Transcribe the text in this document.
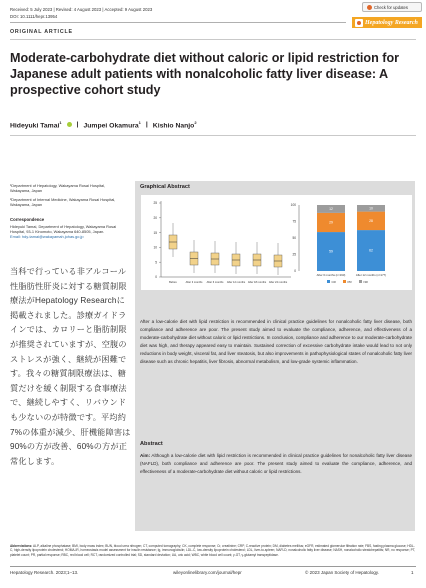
Received: 5 July 2023 | Revised: 4 August 2023 | Accepted: 9 August 2023
DOI: 10.1111/hepr.13954
Check for updates
Hepatology Research
ORIGINAL ARTICLE
Moderate-carbohydrate diet without caloric or lipid restriction for Japanese adult patients with nonalcoholic fatty liver disease: A prospective cohort study
Hideyuki Tamai$^1$ | Jumpei Okamura$^1$ | Kishio Nanjo$^2$
¹Department of Hepatology, Wakayama Rosai Hospital, Wakayama, Japan
²Department of Internal Medicine, Wakayama Rosai Hospital, Wakayama, Japan
Correspondence
Hideyuki Tamai, Department of Hepatology, Wakayama Rosai Hospital, 93-1 Kinomoto, Wakayama 640-8505, Japan.
Email: hdy-tamai@wakayamah.johas.go.jp
当科で行っている非アルコール性脂肪性肝炎に対する糖質制限療法がHepatology Researchに掲載されました。診療ガイドラインでは、カロリーと脂肪制限が推奨されていますが、空腹のストレスが強く、継続が困難です。我々の糖質制限療法は、糖質だけを緩く制限する食事療法で、継続しやすく、リバウンドも少ないのが特徴です。平均約7%の体重が減少、肝機能障害は90%の方が改善、60%の方が正常化します。
Graphical Abstract
25
20
15
10
5
0
Before	After 3 months After 6 months After 12 months After 18 months After 24 months
100
75
50
25
0
59
29
12
62
28
10
After 6 months (n=193)	After 12 months (n=177)
CR	PR	NR
After a low-calorie diet with lipid restriction is recommended in clinical practice guidelines for nonalcoholic fatty liver disease, both compliance and adherence are poor. The present study aimed to evaluate the compliance, adherence, and effectiveness of a moderate-carbohydrate diet without caloric or lipid restrictions. In conclusion, compliance and adherence to our moderate-carbohydrate diet was high, and therapy appeared easy to maintain. Sustained correction of excessive carbohydrate intake would lead to not only reductions in body weight, visceral fat, and liver steatosis, but also improvements in pathophysiological states of nonalcoholic fatty liver disease such as chronic hepatitis, liver fibrosis, abnormal metabolism, and low-grade systemic inflammation.
Abstract
Aim: Although a low-calorie diet with lipid restriction is recommended in clinical practice guidelines for nonalcoholic fatty liver disease (NAFLD), both compliance and adherence are poor. The present study aimed to evaluate the compliance, adherence, and effectiveness of a moderate-carbohydrate diet without caloric or lipid restrictions.
Abbreviations: ALP, alkaline phosphatase; BMI, body mass index; BUN, blood urea nitrogen; CT, computed tomography; CK, complete response; Cr, creatinine; CRP, C-reactive protein; DM, diabetes mellitus; eGFR, estimated glomerular filtration rate; FBS, fasting plasma glucose; HDL-C, high-density lipoprotein cholesterol; HOMA-IR, homeostasis model assessment for insulin resistance; Ig, immunoglobulin; LDL-C, low-density lipoprotein cholesterol; LDL, liver-to-spleen; NAFLD, nonalcoholic fatty liver disease; NASH, nonalcoholic steatohepatitis; NR, no response; PT, platelet count; PR, partial response; RBC, red blood cell; RCT, randomized controlled trial; SD, standard deviation; UA, uric acid; WBC, white blood cell count; γ-GT, γ-glutamyl transpeptidase.
Hepatology Research. 2023;1–13.	wileyonlinelibrary.com/journal/hepr	© 2023 Japan Society of Hepatology.	1
